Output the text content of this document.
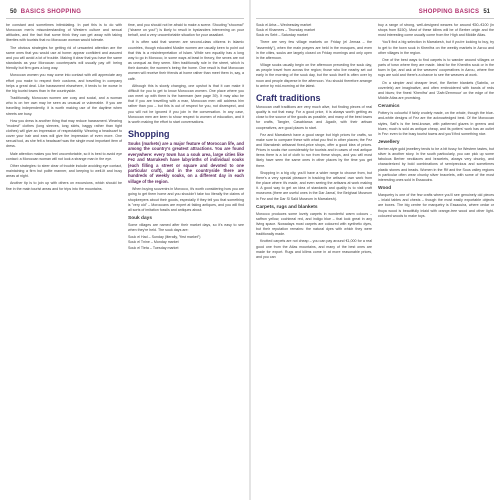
50 BASICS SHOPPING

be constant and sometimes intimidating. In part this is to do with Moroccan men's misunderstanding of Western culture and sexual attitudes, and the fact that some think they can get away with taking liberties with tourists that no Moroccan woman would tolerate.

The obvious strategies for getting rid of unwanted attention are the same ones that you would use at home: appear confident and assured and you will avoid a lot of trouble. Making it clear that you have the same standards as your Moroccan counterparts will usually pay off: being friendly but firm goes a long way.

Moroccan women you may come into contact with will appreciate any effort you make to respect their customs, and travelling in company helps a great deal. Like harassment elsewhere, it tends to be worse in the big tourist towns than in the countryside.

Traditionally, Moroccan women are cosy and social, and a woman who is on her own may be seen as unusual or vulnerable. If you are travelling independently, it is worth making use of the daytime when streets are busy.

How you dress is another thing that may reduce harassment. Wearing "modest" clothes (long sleeves, long skirts, baggy rather than tight clothes) will give an impression of respectability. Wearing a headscarf to cover your hair and ears will give the impression of even more. One sexual tool, as she felt a headscarf was the single most important item of dress.

Male attention makes you feel uncomfortable, so it is best to avoid eye contact: a Moroccan woman will not look a strange man in the eye.

Other strategies: to steer clear of trouble include avoiding eye contact, maintaining a firm but polite manner, and keeping to well-lit and busy areas at night.

Another tip is to join up with others on excursions, which should be fine in the main tourist areas and for trips into the mountains.

time, and you should not be afraid to make a scene. Shouting "shooma!" ("shame on you!") is likely to result in bystanders intervening on your behalf, and a very uncomfortable situation for your assailant.

It is often said that women are second-class citizens in Islamic countries, though educated Muslim women are usually keen to point out that this is a misinterpretation of Islam. While sex equality has a long way to go in Morocco, in some ways at least in theory, the sexes are not as unequal as they seem. Men traditionally rule in the street, which is their domain; the women's being the home. One result is that Moroccan women will receive their friends at home rather than meet them in, say, a café.

Although this is slowly changing, one upshot is that it can make it difficult for you to get to know Moroccan women. One place where you can meet up with them is the hammam (see page 39). It may also be that if you are travelling with a man, Moroccan men will address him rather than you – but this is out of respect for you, not disrespect, and you will not be ignored if you join in the conversation. In any case, Moroccan men are keen to show respect to women of education, and it is worth making the effort to start conversations.

Shopping
Souks (markets) are a major feature of Moroccan life, and among the country's greatest attractions. You are found everywhere: every town has a souk area, large cities like Fez and Marrakesh have labyrinths of individual souks (each filling a street or square and devoted to one particular craft), and in the countryside there are hundreds of weekly souks, on a different day in each village of the region.

When buying souvenirs in Morocco, it's worth considering how you are going to get them home and you shouldn't take too literally the claims of shopkeepers about their goods, especially if they tell you that something is "very old" – Moroccans are expert at faking antiques, and you will find all sorts of imitation fossils and antiques about.

Souk days

Some villages are named after their market days, so it's easy to see when they're held. The souk days are:

Souk el Had – Sunday (literally, "first market")
Souk el Tnine – Monday market
Souk el Tleta – Tuesday market
SHOPPING BASICS 51
Souk el Arba – Wednesday market
Souk el Khamees – Thursday market
Souk es Sebt – Saturday market

There are very few village markets on Friday (el Jemaa – the "assembly"), when the main prayers are held in the mosques, and even in the cities, souks are largely closed on Friday mornings and only open in the afternoon.

Village souks usually begin on the afternoon preceding the souk day, as people travel from across the region; those who live nearby set out early in the morning of the souk day, but the souk itself is often over by noon and people disperse in the afternoon. You should therefore arrange to arrive by mid-morning at the latest.

Craft traditions

Moroccan craft traditions are very much alive, but finding pieces of real quality is not that easy. For a good price, it is always worth getting as close to the source of the goods as possible, and many of the best towns for crafts, Tangier, Casablanca and Agadir, with their artisan cooperatives, are good places to start.

Fez and Marrakesh have a good range but high prices for crafts, so make sure to compare these with what you find in other places; the Fez and Marrakesh artisanat fixed-price shops, offer a good idea of prices. Prices in souks rise considerably for tourists and in cases of real antique items there is a lot of cloth to run from these shops, and you will most likely have seen the same ones in other places by the time you get there.

Shopping in a big city, you'll have a wider range to choose from, but there's a very special pleasure in tracking the artisans' own work from the place where it's made, and even seeing the artisans at work making it. A good way to get an idea of standards and quality is to visit craft museums (there are useful ones in the Dar Jamaï, the Belghazi Museum in Fez and the Dar Si Saïd Museum in Marrakesh).

Carpets, rugs and blankets

Morocco produces some lovely carpets in wonderful warm colours – saffron yellow, cochineal red, and indigo blue – that look great in any living space. Nowadays most carpets are coloured with synthetic dyes, but their reputation remains: the natural dyes with which they were traditionally made.

Knotted carpets are not cheap – you can pay around €1,000 for a real good one from the Atlas mountains, and many of the best ones are made for export. Rugs and kilims come in at more reasonable prices, and you can

buy a range of strong, well-designed weaves for around €50–€100 (in shops from $150). Most of these kilims will be of Berber origin and the most interesting come usually come from the High and Middle Atlas.

You'll find a big selection in Marrakesh, but if you're looking to buy, try to get to the town souk in Khenifra on the weekly markets in Azrou and other villages in the region.

One of the best ways to find carpets is to wander around villages or parts of town where they are made. Ideal for the Khenifra souk or in the town in Ijar, and ask at the weavers' cooperatives in Azrou, where fine rugs are sold and there's a chance to see the weavers at work.

On a simpler and cheaper level, the Berber blankets (Sabrila, or coverlets) are imaginative, and often embroidered with bands of reds and blues; the finest 'Khenifra' and 'Zaër/Zemmour' on the edge of the Middle Atlas are promising.

Ceramics

Pottery is colourful if fairly crudely made, on the whole, though the blue-and-white designs of Fez are the acknowledged best. Of the Moroccan styles, Safi's is the best-known, with patterned glazes in greens and blues; much is sold as antique cheap, and its potters' work has an outlet in Fez: even to the busy tourist towns and you'll find something nice.

Jewellery

Berber-style gold jewellery tends to be a bit fussy for Western tastes, but silver is another story. In the south particularly, you can pick up some fabulous Berber necklaces and bracelets, always very chunky, and characterized by bold combinations of semiprecious and sometimes plastic stones and beads. Women in the Rif and the Sous valley regions in particular often wear chunky silver bracelets, with some of the most interesting ones sold in Essaouira.

Wood

Marquetry is one of the few crafts where you'll see genuinely old pieces – inlaid tables and chests – though the most easily exportable objects are boxes. The big centre for marquetry is Essaouira, where cedar or thuya wood is beautifully inlaid with orange-tree wood and other light-coloured woods to make toys.
